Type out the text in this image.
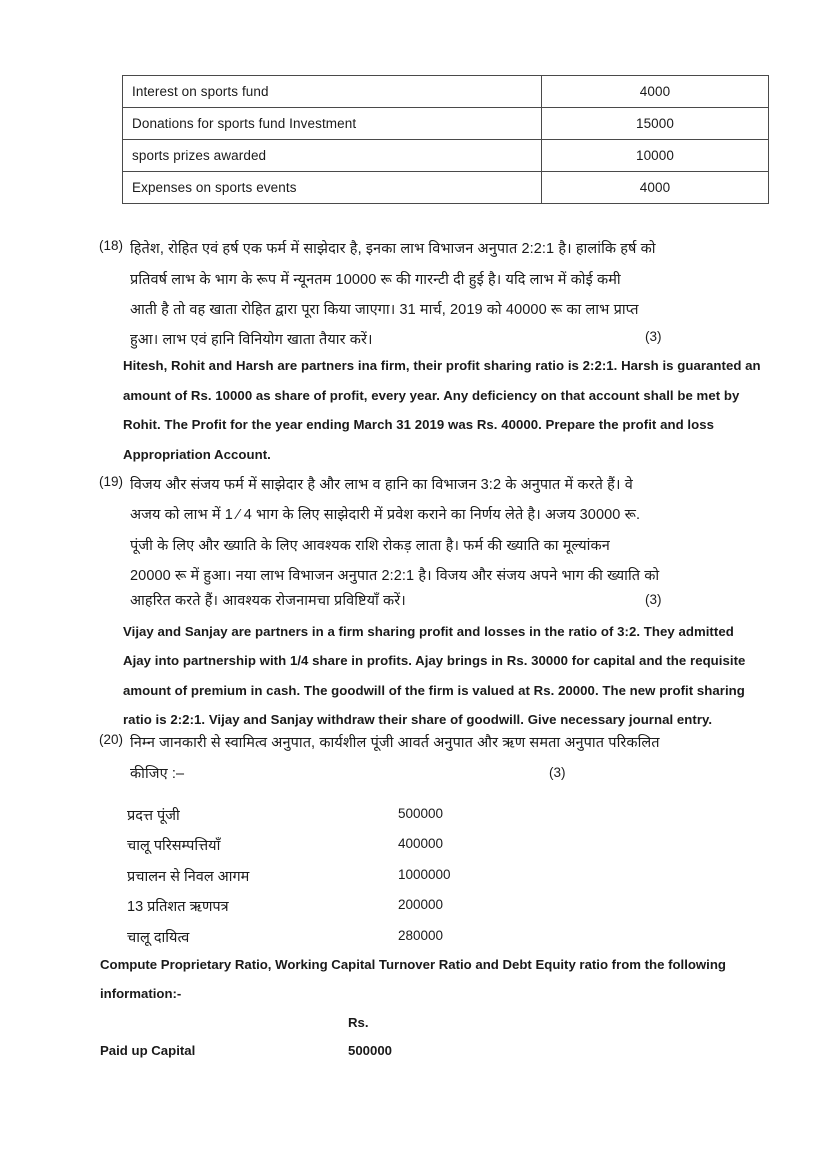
Interest on sports fund	4000
Donations for sports fund Investment	15000
sports prizes awarded	10000
Expenses on sports events	4000
(18) हितेश, रोहित एवं हर्ष एक फर्म में साझेदार है, इनका लाभ विभाजन अनुपात 2:2:1 है। हालांकि हर्ष को
प्रतिवर्ष लाभ के भाग के रूप में न्यूनतम 10000 रू की गारन्टी दी हुई है। यदि लाभ में कोई कमी
आती है तो वह खाता रोहित द्वारा पूरा किया जाएगा। 31 मार्च, 2019 को 40000 रू का लाभ प्राप्त
हुआ। लाभ एवं हानि विनियोग खाता तैयार करें।	(3)
Hitesh, Rohit and Harsh are partners ina firm, their profit sharing ratio is 2:2:1. Harsh is guaranted an
amount of Rs. 10000 as share of profit, every year. Any deficiency on that account shall be met by
Rohit. The Profit for the year ending March 31 2019 was Rs. 40000. Prepare the profit and loss
Appropriation Account.
(19) विजय और संजय फर्म में साझेदार है और लाभ व हानि का विभाजन 3:2 के अनुपात में करते हैं। वे
अजय को लाभ में 1 ⁄ 4 भाग के लिए साझेदारी में प्रवेश कराने का निर्णय लेते है। अजय 30000 रू.
पूंजी के लिए और ख्याति के लिए आवश्यक राशि रोकड़ लाता है। फर्म की ख्याति का मूल्यांकन
20000 रू में हुआ। नया लाभ विभाजन अनुपात 2:2:1 है। विजय और संजय अपने भाग की ख्याति को
आहरित करते हैं। आवश्यक रोजनामचा प्रविष्टियाँ करें।	(3)
Vijay and Sanjay are partners in a firm sharing profit and losses in the ratio of 3:2. They admitted
Ajay into partnership with 1/4 share in profits. Ajay brings in Rs. 30000 for capital and the requisite
amount of premium in cash. The goodwill of the firm is valued at Rs. 20000. The new profit sharing
ratio is 2:2:1. Vijay and Sanjay withdraw their share of goodwill. Give necessary journal entry.
(20) निम्न जानकारी से स्वामित्व अनुपात, कार्यशील पूंजी आवर्त अनुपात और ऋण समता अनुपात परिकलित
कीजिए :–	(3)
प्रदत्त पूंजी	500000
चालू परिसम्पत्तियाँ	400000
प्रचालन से निवल आगम	1000000
13 प्रतिशत ऋणपत्र	200000
चालू दायित्व	280000
Compute Proprietary Ratio, Working Capital Turnover Ratio and Debt Equity ratio from the following
information:-
Rs.
Paid up Capital	500000
